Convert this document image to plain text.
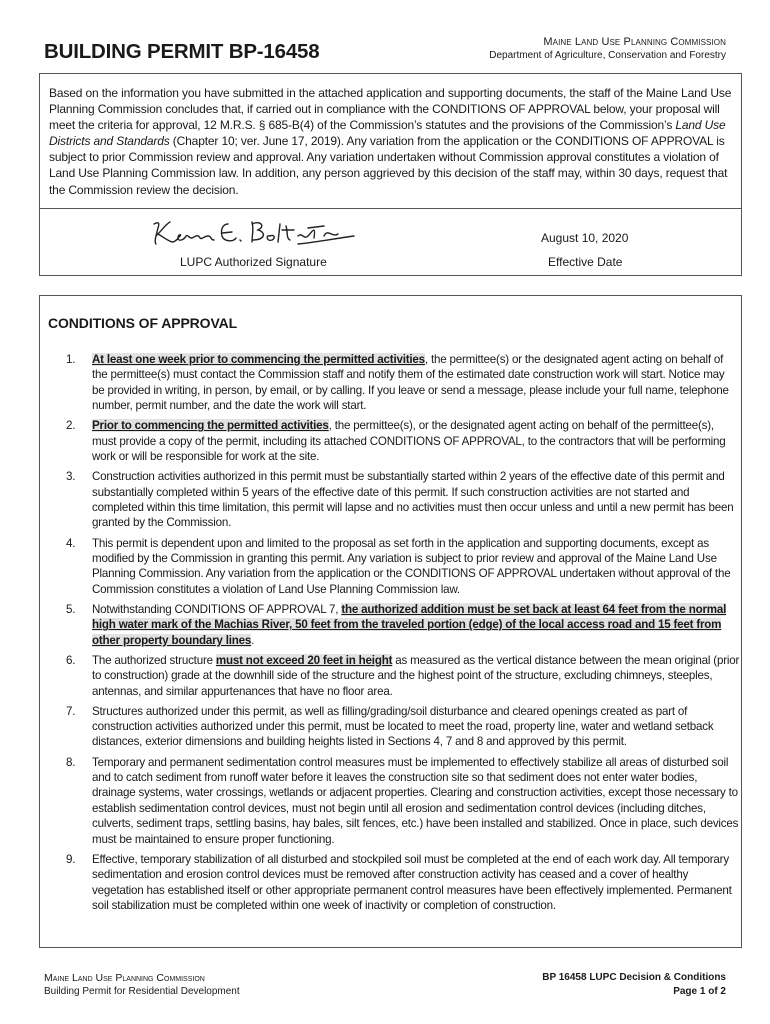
BUILDING PERMIT BP-16458	Maine Land Use Planning Commission
Department of Agriculture, Conservation and Forestry
Based on the information you have submitted in the attached application and supporting documents, the staff of the Maine Land Use Planning Commission concludes that, if carried out in compliance with the CONDITIONS OF APPROVAL below, your proposal will meet the criteria for approval, 12 M.R.S. § 685-B(4) of the Commission’s statutes and the provisions of the Commission’s Land Use Districts and Standards (Chapter 10; ver. June 17, 2019). Any variation from the application or the CONDITIONS OF APPROVAL is subject to prior Commission review and approval. Any variation undertaken without Commission approval constitutes a violation of Land Use Planning Commission law. In addition, any person aggrieved by this decision of the staff may, within 30 days, request that the Commission review the decision.
LUPC Authorized Signature
August 10, 2020
Effective Date
CONDITIONS OF APPROVAL
1. At least one week prior to commencing the permitted activities, the permittee(s) or the designated agent acting on behalf of the permittee(s) must contact the Commission staff and notify them of the estimated date construction work will start. Notice may be provided in writing, in person, by email, or by calling. If you leave or send a message, please include your full name, telephone number, permit number, and the date the work will start.
2. Prior to commencing the permitted activities, the permittee(s), or the designated agent acting on behalf of the permittee(s), must provide a copy of the permit, including its attached CONDITIONS OF APPROVAL, to the contractors that will be performing work or will be responsible for work at the site.
3. Construction activities authorized in this permit must be substantially started within 2 years of the effective date of this permit and substantially completed within 5 years of the effective date of this permit. If such construction activities are not started and completed within this time limitation, this permit will lapse and no activities must then occur unless and until a new permit has been granted by the Commission.
4. This permit is dependent upon and limited to the proposal as set forth in the application and supporting documents, except as modified by the Commission in granting this permit. Any variation is subject to prior review and approval of the Maine Land Use Planning Commission. Any variation from the application or the CONDITIONS OF APPROVAL undertaken without approval of the Commission constitutes a violation of Land Use Planning Commission law.
5. Notwithstanding CONDITIONS OF APPROVAL 7, the authorized addition must be set back at least 64 feet from the normal high water mark of the Machias River, 50 feet from the traveled portion (edge) of the local access road and 15 feet from other property boundary lines.
6. The authorized structure must not exceed 20 feet in height as measured as the vertical distance between the mean original (prior to construction) grade at the downhill side of the structure and the highest point of the structure, excluding chimneys, steeples, antennas, and similar appurtenances that have no floor area.
7. Structures authorized under this permit, as well as filling/grading/soil disturbance and cleared openings created as part of construction activities authorized under this permit, must be located to meet the road, property line, water and wetland setback distances, exterior dimensions and building heights listed in Sections 4, 7 and 8 and approved by this permit.
8. Temporary and permanent sedimentation control measures must be implemented to effectively stabilize all areas of disturbed soil and to catch sediment from runoff water before it leaves the construction site so that sediment does not enter water bodies, drainage systems, water crossings, wetlands or adjacent properties. Clearing and construction activities, except those necessary to establish sedimentation control devices, must not begin until all erosion and sedimentation control devices (including ditches, culverts, sediment traps, settling basins, hay bales, silt fences, etc.) have been installed and stabilized. Once in place, such devices must be maintained to ensure proper functioning.
9. Effective, temporary stabilization of all disturbed and stockpiled soil must be completed at the end of each work day. All temporary sedimentation and erosion control devices must be removed after construction activity has ceased and a cover of healthy vegetation has established itself or other appropriate permanent control measures have been effectively implemented. Permanent soil stabilization must be completed within one week of inactivity or completion of construction.
Maine Land Use Planning Commission
Building Permit for Residential Development
BP 16458 LUPC Decision & Conditions
Page 1 of 2
